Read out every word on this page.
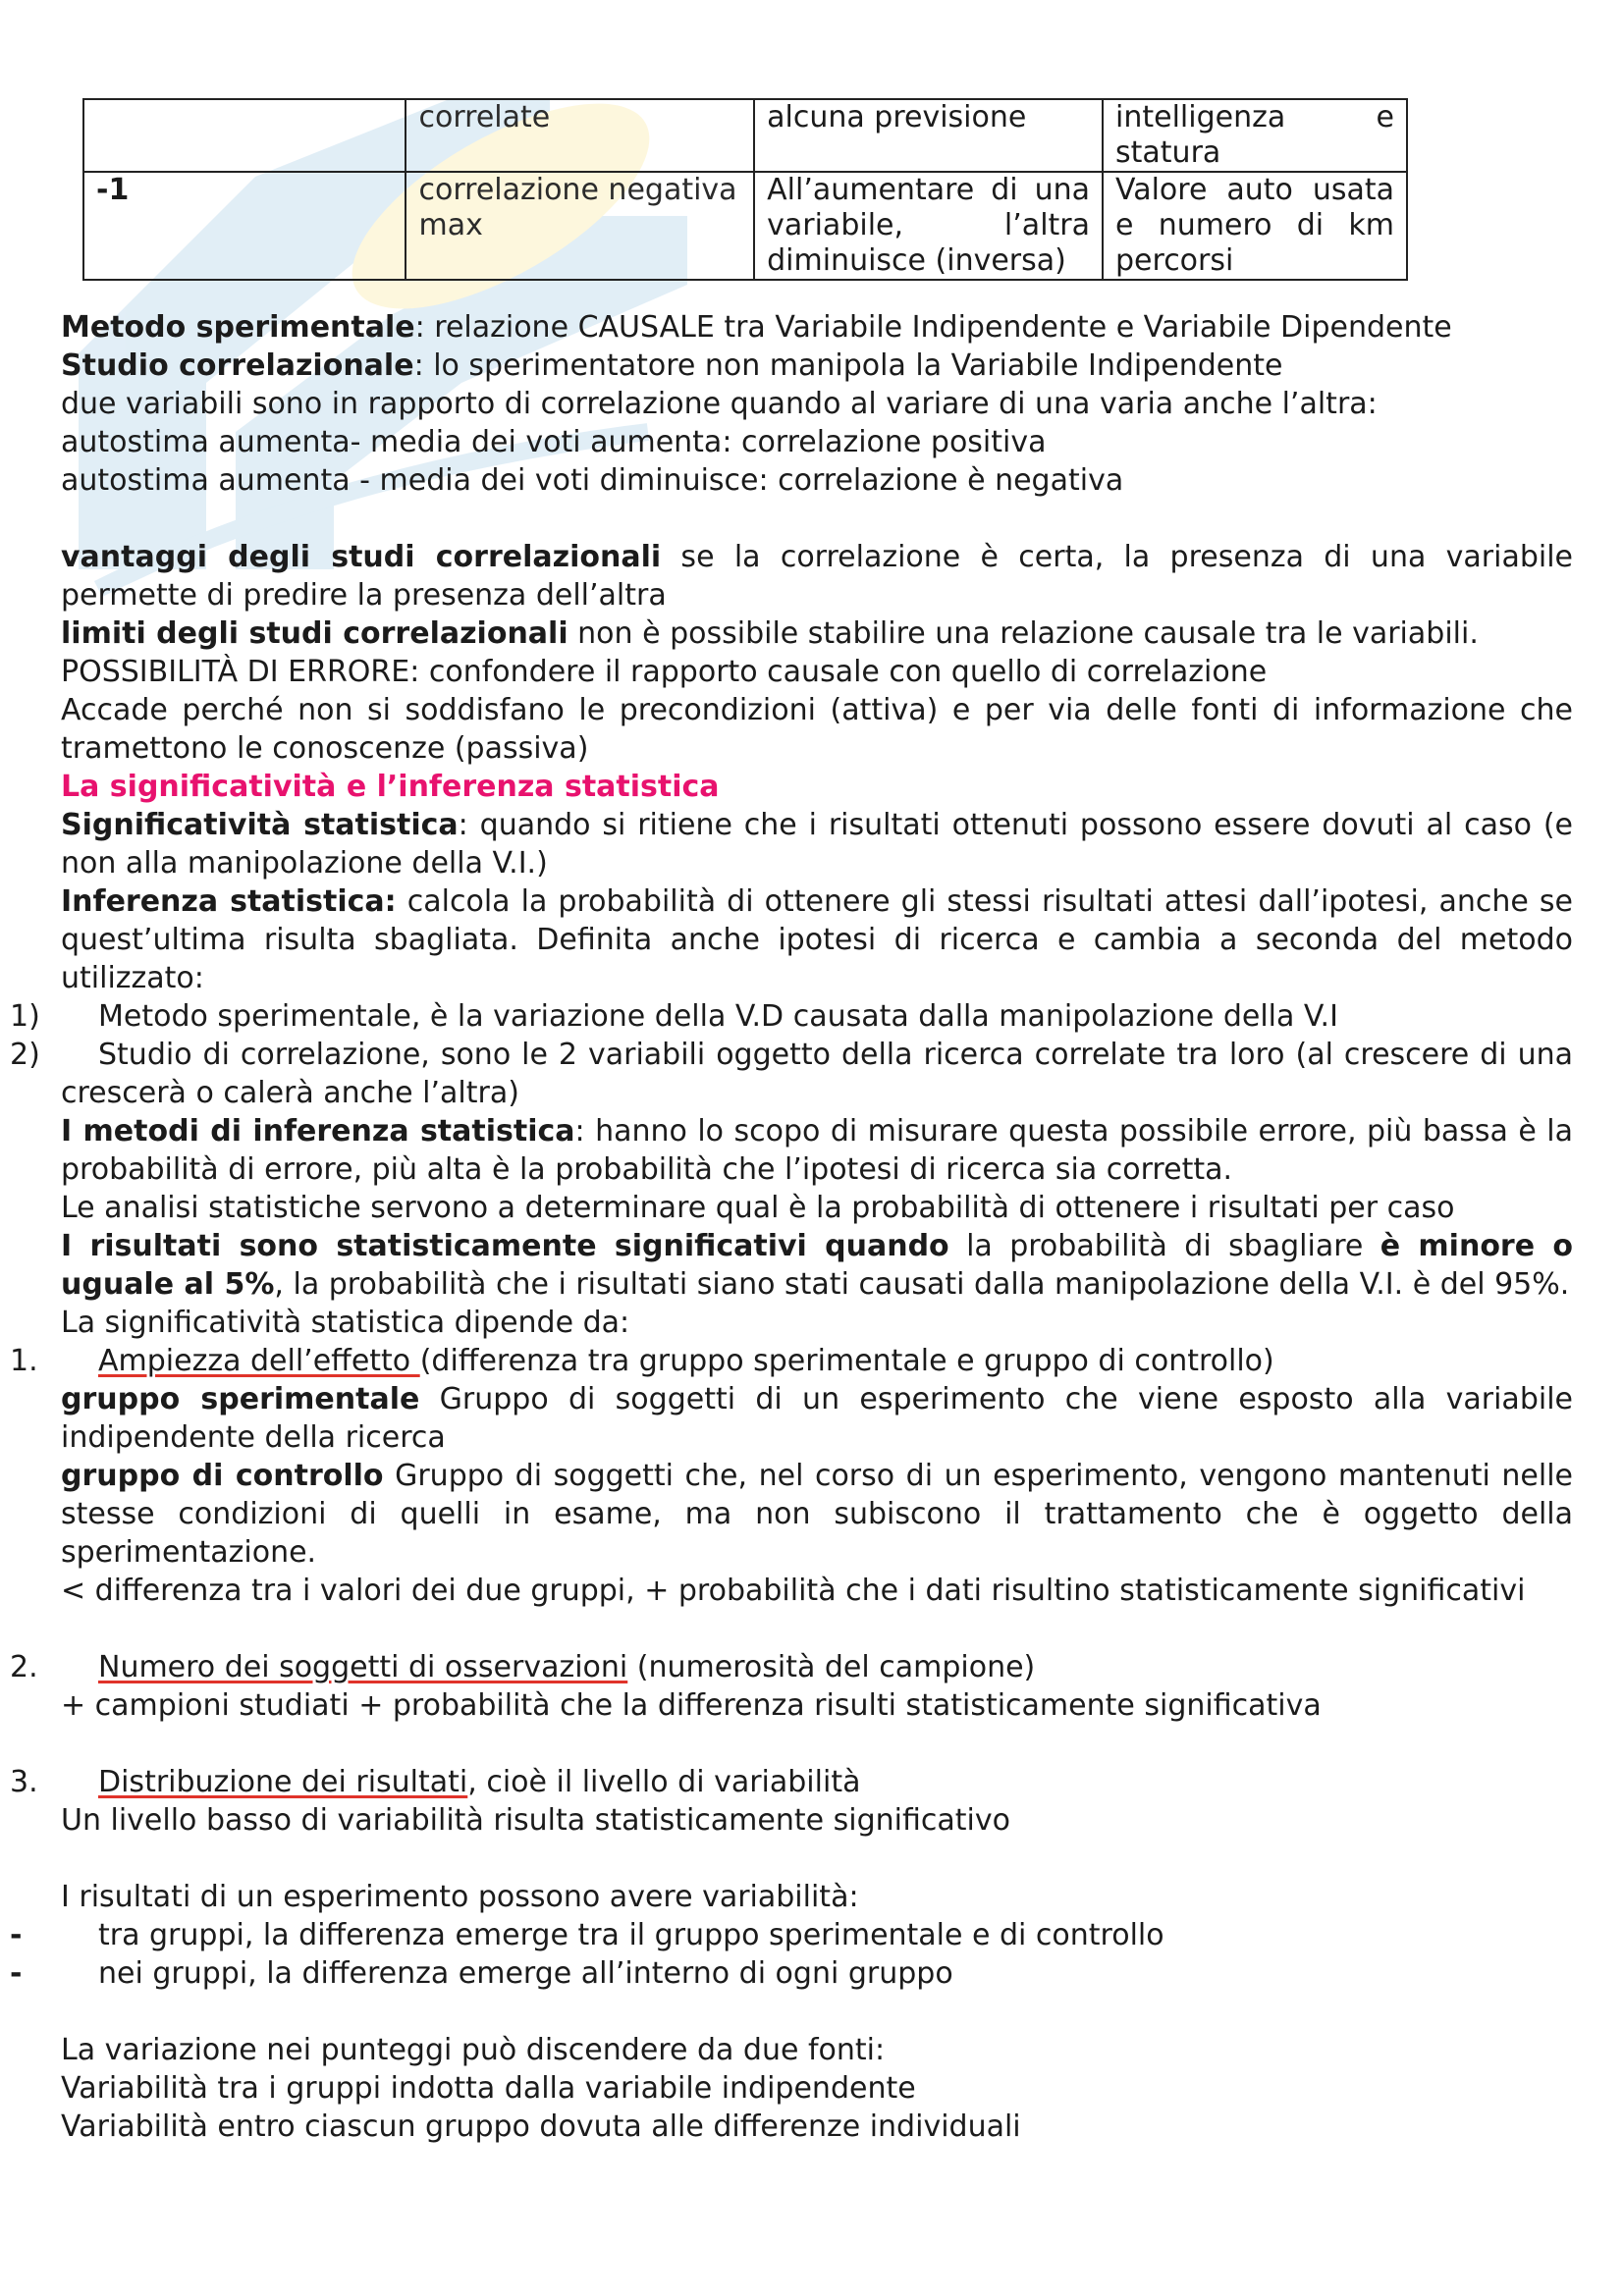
	correlate	alcuna previsione	intelligenza e statura
-1	correlazione negativa max	All’aumentare di una variabile, l’altra diminuisce (inversa)	Valore auto usata e numero di km percorsi

Metodo sperimentale: relazione CAUSALE tra Variabile Indipendente e Variabile Dipendente

Studio correlazionale: lo sperimentatore non manipola la Variabile Indipendente

due variabili sono in rapporto di correlazione quando al variare di una varia anche l’altra:

autostima aumenta- media dei voti aumenta: correlazione positiva

autostima aumenta - media dei voti diminuisce: correlazione è negativa

vantaggi degli studi correlazionali se la correlazione è certa, la presenza di una variabile permette di predire la presenza dell’altra

limiti degli studi correlazionali non è possibile stabilire una relazione causale tra le variabili.

POSSIBILITÀ DI ERRORE: confondere il rapporto causale con quello di correlazione

Accade perché non si soddisfano le precondizioni (attiva) e per via delle fonti di informazione che tramettono le conoscenze (passiva)

La significatività e l’inferenza statistica

Significatività statistica: quando si ritiene che i risultati ottenuti possono essere dovuti al caso (e non alla manipolazione della V.I.)

Inferenza statistica: calcola la probabilità di ottenere gli stessi risultati attesi dall’ipotesi, anche se quest’ultima risulta sbagliata. Definita anche ipotesi di ricerca e cambia a seconda del metodo utilizzato:

1)	Metodo sperimentale, è la variazione della V.D causata dalla manipolazione della V.I

2)	Studio di correlazione, sono le 2 variabili oggetto della ricerca correlate tra loro (al crescere di una crescerà o calerà anche l’altra)

I metodi di inferenza statistica: hanno lo scopo di misurare questa possibile errore, più bassa è la probabilità di errore, più alta è la probabilità che l’ipotesi di ricerca sia corretta.

Le analisi statistiche servono a determinare qual è la probabilità di ottenere i risultati per caso

I risultati sono statisticamente significativi quando la probabilità di sbagliare è minore o uguale al 5%, la probabilità che i risultati siano stati causati dalla manipolazione della V.I. è del 95%.

La significatività statistica dipende da:

1.	Ampiezza dell’effetto (differenza tra gruppo sperimentale e gruppo di controllo)

gruppo sperimentale Gruppo di soggetti di un esperimento che viene esposto alla variabile indipendente della ricerca

gruppo di controllo Gruppo di soggetti che, nel corso di un esperimento, vengono mantenuti nelle stesse condizioni di quelli in esame, ma non subiscono il trattamento che è oggetto della sperimentazione.

< differenza tra i valori dei due gruppi, + probabilità che i dati risultino statisticamente significativi

2.	Numero dei soggetti di osservazioni (numerosità del campione)

+ campioni studiati + probabilità che la differenza risulti statisticamente significativa

3.	Distribuzione dei risultati, cioè il livello di variabilità

Un livello basso di variabilità risulta statisticamente significativo

I risultati di un esperimento possono avere variabilità:

-	tra gruppi, la differenza emerge tra il gruppo sperimentale e di controllo

-	nei gruppi, la differenza emerge all’interno di ogni gruppo

La variazione nei punteggi può discendere da due fonti:

Variabilità tra i gruppi indotta dalla variabile indipendente

Variabilità entro ciascun gruppo dovuta alle differenze individuali
